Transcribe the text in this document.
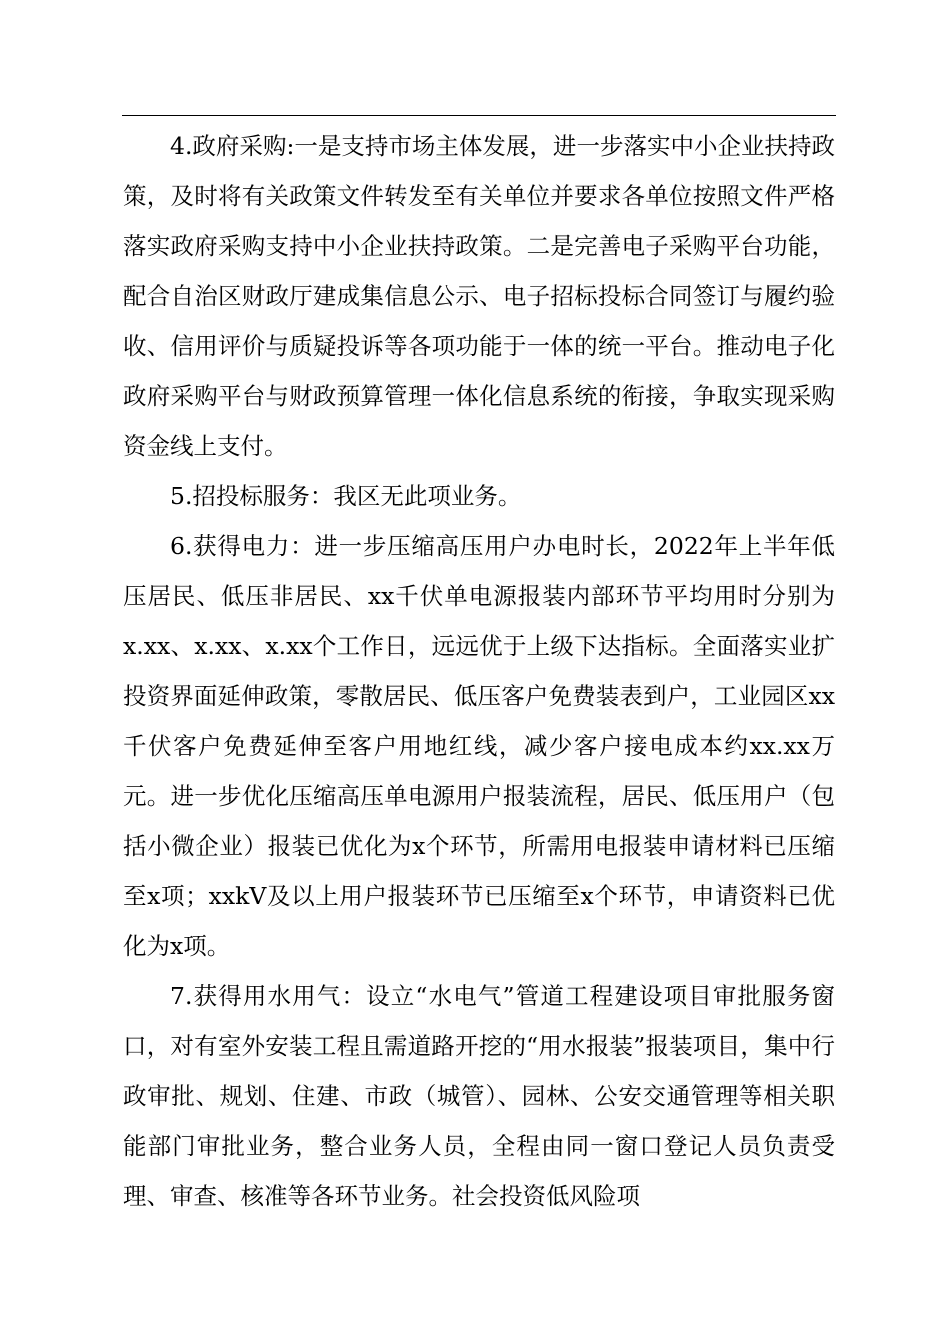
4.政府采购:一是支持市场主体发展，进一步落实中小企业扶持政策，及时将有关政策文件转发至有关单位并要求各单位按照文件严格落实政府采购支持中小企业扶持政策。二是完善电子采购平台功能，配合自治区财政厅建成集信息公示、电子招标投标合同签订与履约验收、信用评价与质疑投诉等各项功能于一体的统一平台。推动电子化政府采购平台与财政预算管理一体化信息系统的衔接，争取实现采购资金线上支付。

5.招投标服务：我区无此项业务。

6.获得电力：进一步压缩高压用户办电时长，2022年上半年低压居民、低压非居民、xx千伏单电源报装内部环节平均用时分别为x.xx、x.xx、x.xx个工作日，远远优于上级下达指标。全面落实业扩投资界面延伸政策，零散居民、低压客户免费装表到户，工业园区xx千伏客户免费延伸至客户用地红线，减少客户接电成本约xx.xx万元。进一步优化压缩高压单电源用户报装流程，居民、低压用户（包括小微企业）报装已优化为x个环节，所需用电报装申请材料已压缩至x项；xxkV及以上用户报装环节已压缩至x个环节，申请资料已优化为x项。

7.获得用水用气：设立“水电气”管道工程建设项目审批服务窗口，对有室外安装工程且需道路开挖的“用水报装”报装项目，集中行政审批、规划、住建、市政（城管）、园林、公安交通管理等相关职能部门审批业务，整合业务人员，全程由同一窗口登记人员负责受理、审查、核准等各环节业务。社会投资低风险项
